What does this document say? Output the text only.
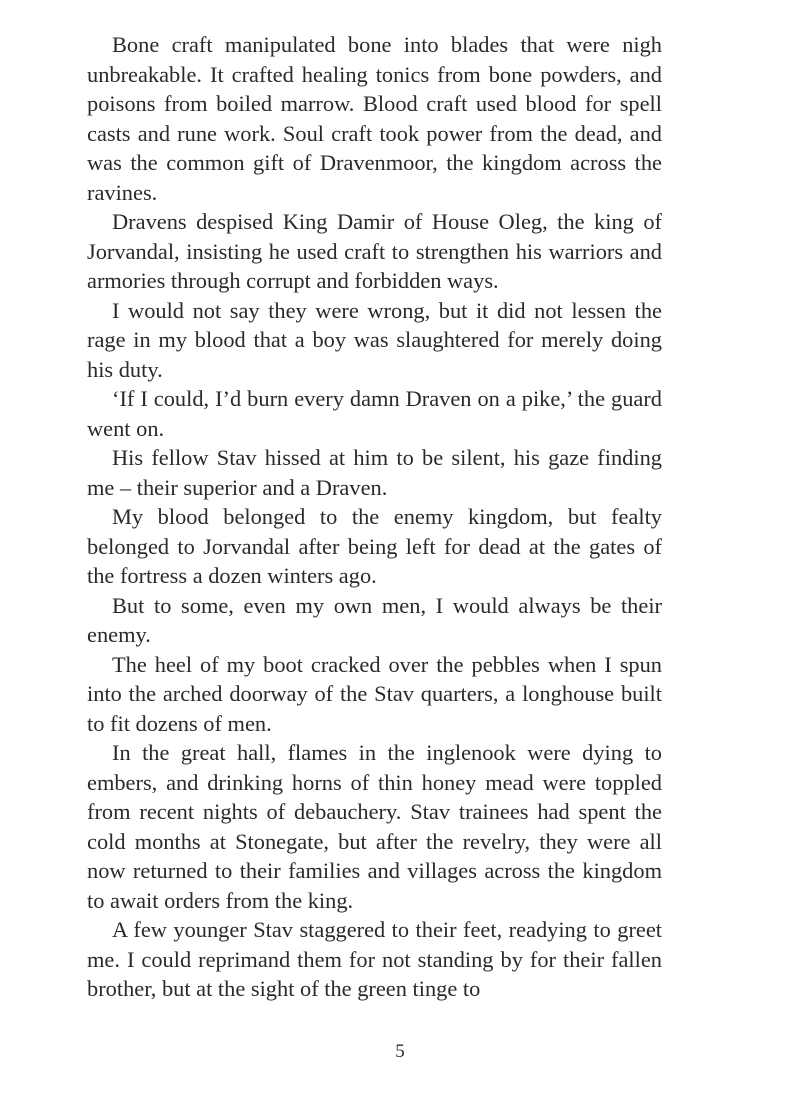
Bone craft manipulated bone into blades that were nigh unbreakable. It crafted healing tonics from bone powders, and poisons from boiled marrow. Blood craft used blood for spell casts and rune work. Soul craft took power from the dead, and was the common gift of Dravenmoor, the kingdom across the ravines.

Dravens despised King Damir of House Oleg, the king of Jorvandal, insisting he used craft to strengthen his warriors and armories through corrupt and forbidden ways.

I would not say they were wrong, but it did not lessen the rage in my blood that a boy was slaughtered for merely doing his duty.

‘If I could, I’d burn every damn Draven on a pike,’ the guard went on.

His fellow Stav hissed at him to be silent, his gaze finding me – their superior and a Draven.

My blood belonged to the enemy kingdom, but fealty belonged to Jorvandal after being left for dead at the gates of the fortress a dozen winters ago.

But to some, even my own men, I would always be their enemy.

The heel of my boot cracked over the pebbles when I spun into the arched doorway of the Stav quarters, a longhouse built to fit dozens of men.

In the great hall, flames in the inglenook were dying to embers, and drinking horns of thin honey mead were toppled from recent nights of debauchery. Stav trainees had spent the cold months at Stonegate, but after the revelry, they were all now returned to their families and villages across the kingdom to await orders from the king.

A few younger Stav staggered to their feet, readying to greet me. I could reprimand them for not standing by for their fallen brother, but at the sight of the green tinge to

5
